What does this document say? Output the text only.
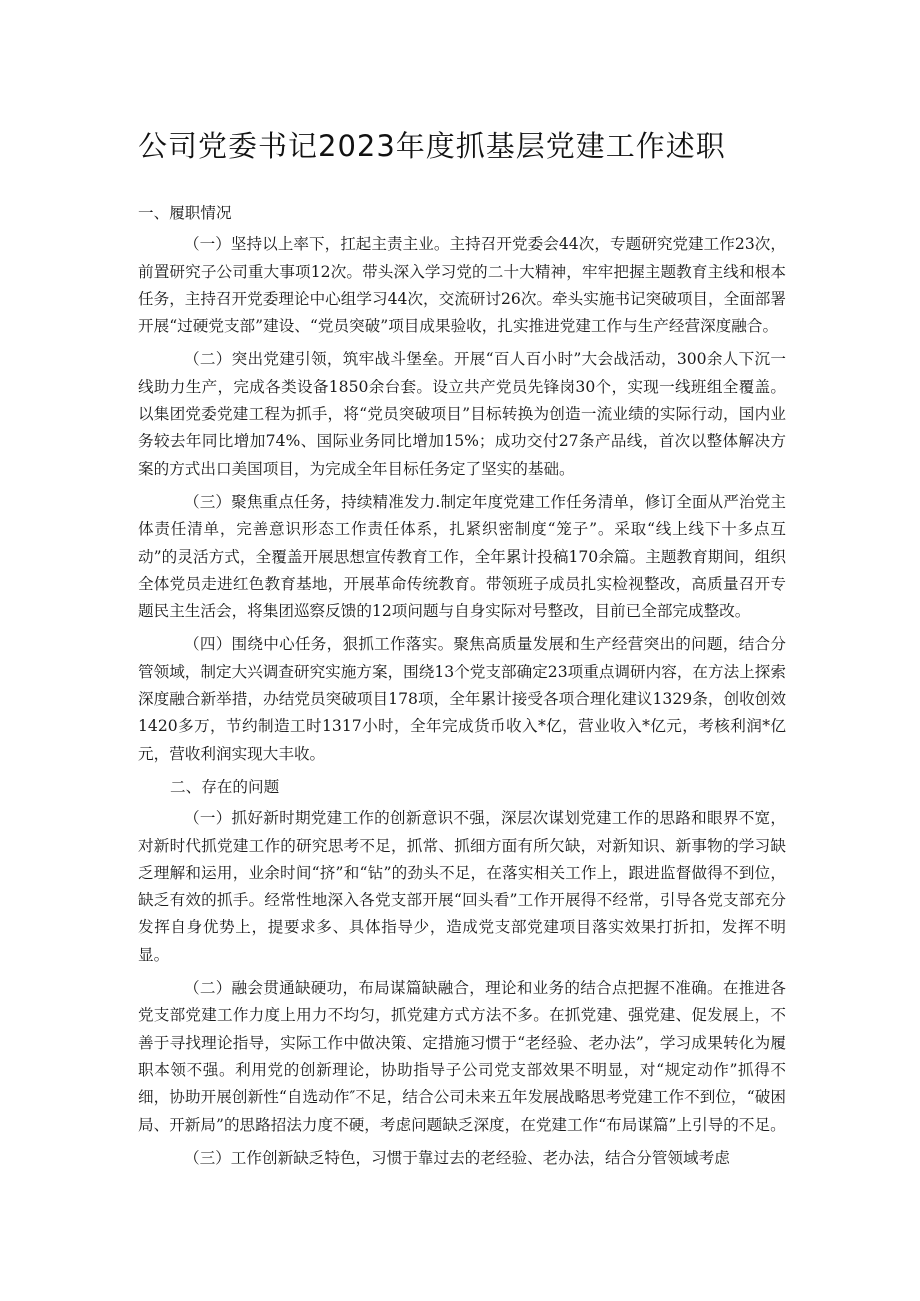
公司党委书记2023年度抓基层党建工作述职

一、履职情况

（一）坚持以上率下，扛起主责主业。主持召开党委会44次，专题研究党建工作23次，前置研究子公司重大事项12次。带头深入学习党的二十大精神，牢牢把握主题教育主线和根本任务，主持召开党委理论中心组学习44次，交流研讨26次。牵头实施书记突破项目，全面部署开展“过硬党支部”建设、“党员突破”项目成果验收，扎实推进党建工作与生产经营深度融合。

（二）突出党建引领，筑牢战斗堡垒。开展“百人百小时”大会战活动，300余人下沉一线助力生产，完成各类设备1850余台套。设立共产党员先锋岗30个，实现一线班组全覆盖。以集团党委党建工程为抓手，将“党员突破项目”目标转换为创造一流业绩的实际行动，国内业务较去年同比增加74%、国际业务同比增加15%；成功交付27条产品线，首次以整体解决方案的方式出口美国项目，为完成全年目标任务定了坚实的基础。

（三）聚焦重点任务，持续精准发力.制定年度党建工作任务清单，修订全面从严治党主体责任清单，完善意识形态工作责任体系，扎紧织密制度“笼子”。采取“线上线下十多点互动”的灵活方式，全覆盖开展思想宣传教育工作，全年累计投稿170余篇。主题教育期间，组织全体党员走进红色教育基地，开展革命传统教育。带领班子成员扎实检视整改，高质量召开专题民主生活会，将集团巡察反馈的12项问题与自身实际对号整改，目前已全部完成整改。

（四）围绕中心任务，狠抓工作落实。聚焦高质量发展和生产经营突出的问题，结合分管领域，制定大兴调查研究实施方案，围绕13个党支部确定23项重点调研内容，在方法上探索深度融合新举措，办结党员突破项目178项，全年累计接受各项合理化建议1329条，创收创效1420多万，节约制造工时1317小时，全年完成货币收入*亿，营业收入*亿元，考核利润*亿元，营收利润实现大丰收。

二、存在的问题

（一）抓好新时期党建工作的创新意识不强，深层次谋划党建工作的思路和眼界不宽，对新时代抓党建工作的研究思考不足，抓常、抓细方面有所欠缺，对新知识、新事物的学习缺乏理解和运用，业余时间“挤”和“钻”的劲头不足，在落实相关工作上，跟进监督做得不到位，缺乏有效的抓手。经常性地深入各党支部开展“回头看”工作开展得不经常，引导各党支部充分发挥自身优势上，提要求多、具体指导少，造成党支部党建项目落实效果打折扣，发挥不明显。

（二）融会贯通缺硬功，布局谋篇缺融合，理论和业务的结合点把握不准确。在推进各党支部党建工作力度上用力不均匀，抓党建方式方法不多。在抓党建、强党建、促发展上，不善于寻找理论指导，实际工作中做决策、定措施习惯于“老经验、老办法”，学习成果转化为履职本领不强。利用党的创新理论，协助指导子公司党支部效果不明显，对“规定动作”抓得不细，协助开展创新性“自选动作″不足，结合公司未来五年发展战略思考党建工作不到位，“破困局、开新局”的思路招法力度不硬，考虑问题缺乏深度，在党建工作“布局谋篇”上引导的不足。

（三）工作创新缺乏特色，习惯于靠过去的老经验、老办法，结合分管领域考虑
